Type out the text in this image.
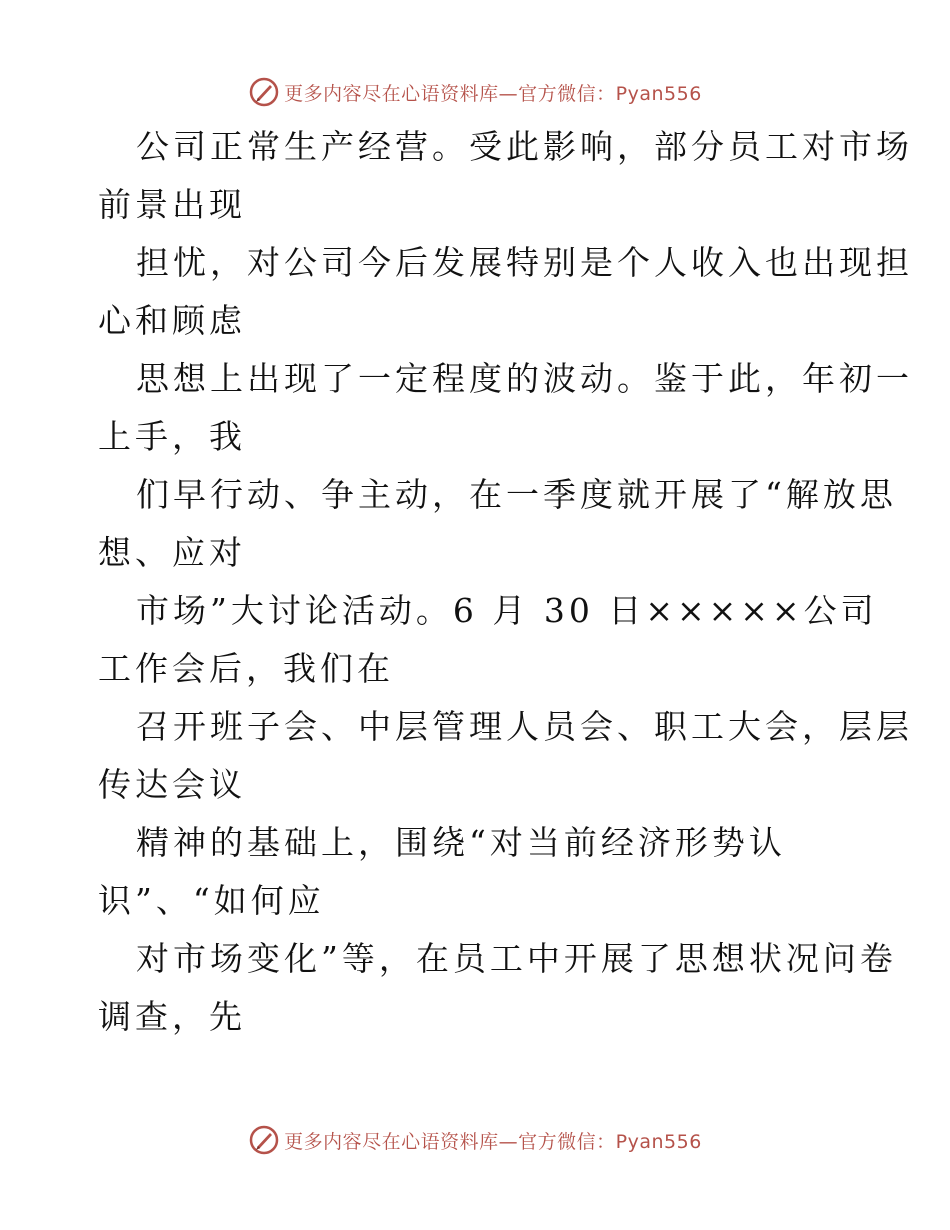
更多内容尽在心语资料库—官方微信：Pyan556
公司正常生产经营。受此影响，部分员工对市场
前景出现
担忧，对公司今后发展特别是个人收入也出现担
心和顾虑
思想上出现了一定程度的波动。鉴于此，年初一
上手，我
们早行动、争主动，在一季度就开展了“解放思
想、应对
市场”大讨论活动。6 月 30 日×××××公司
工作会后，我们在
召开班子会、中层管理人员会、职工大会，层层
传达会议
精神的基础上，围绕“对当前经济形势认
识”、“如何应
对市场变化”等，在员工中开展了思想状况问卷
调查，先
更多内容尽在心语资料库—官方微信：Pyan556
